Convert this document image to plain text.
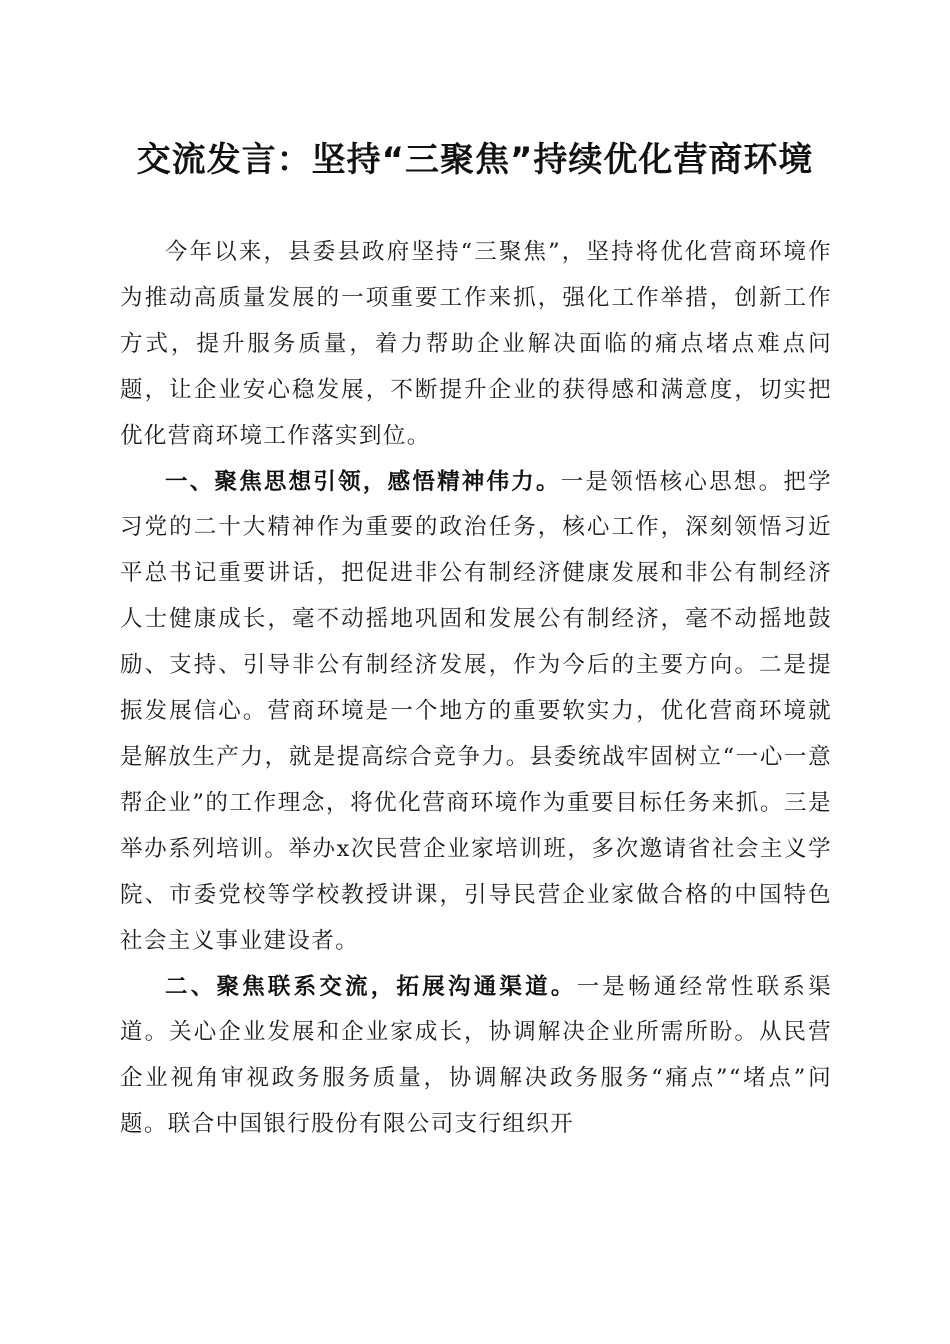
交流发言：坚持“三聚焦”持续优化营商环境

今年以来，县委县政府坚持“三聚焦”，坚持将优化营商环境作为推动高质量发展的一项重要工作来抓，强化工作举措，创新工作方式，提升服务质量，着力帮助企业解决面临的痛点堵点难点问题，让企业安心稳发展，不断提升企业的获得感和满意度，切实把优化营商环境工作落实到位。

一、聚焦思想引领，感悟精神伟力。一是领悟核心思想。把学习党的二十大精神作为重要的政治任务，核心工作，深刻领悟习近平总书记重要讲话，把促进非公有制经济健康发展和非公有制经济人士健康成长，毫不动摇地巩固和发展公有制经济，毫不动摇地鼓励、支持、引导非公有制经济发展，作为今后的主要方向。二是提振发展信心。营商环境是一个地方的重要软实力，优化营商环境就是解放生产力，就是提高综合竞争力。县委统战牢固树立“一心一意帮企业”的工作理念，将优化营商环境作为重要目标任务来抓。三是举办系列培训。举办x次民营企业家培训班，多次邀请省社会主义学院、市委党校等学校教授讲课，引导民营企业家做合格的中国特色社会主义事业建设者。

二、聚焦联系交流，拓展沟通渠道。一是畅通经常性联系渠道。关心企业发展和企业家成长，协调解决企业所需所盼。从民营企业视角审视政务服务质量，协调解决政务服务“痛点”“堵点”问题。联合中国银行股份有限公司支行组织开
